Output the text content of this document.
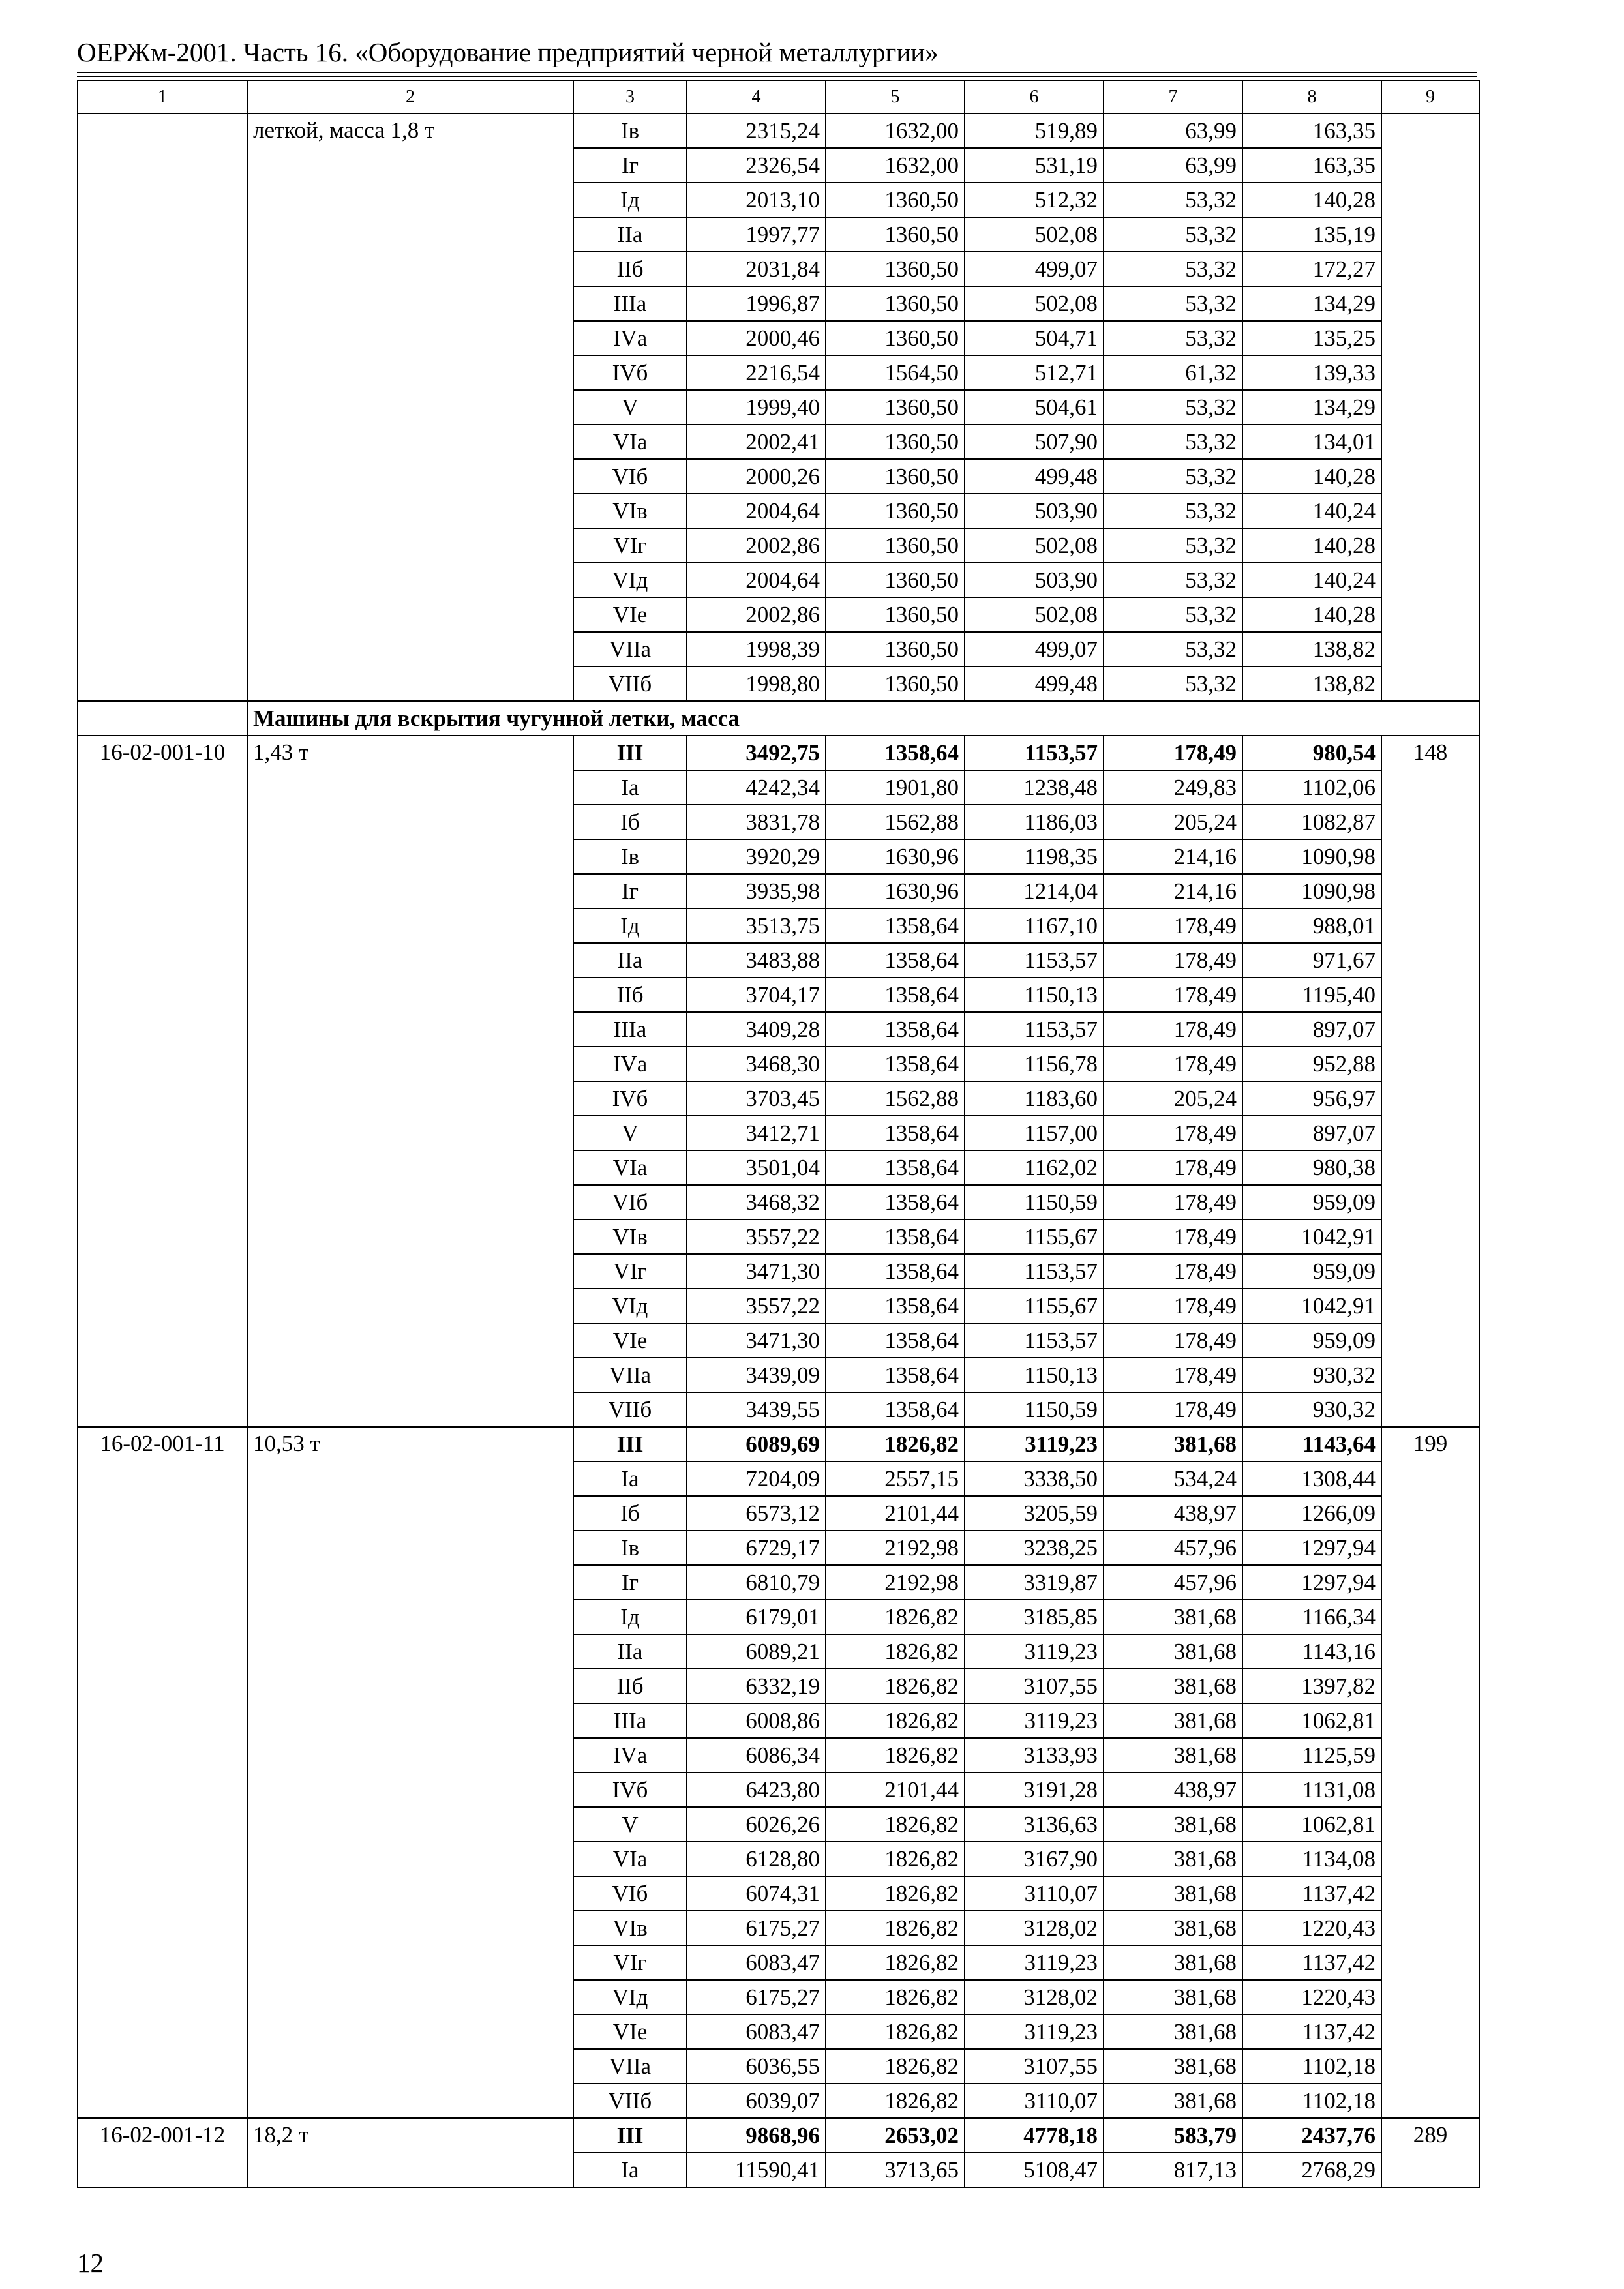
ОЕРЖм-2001. Часть 16. «Оборудование предприятий черной металлургии»
1	2	3	4	5	6	7	8	9
	леткой, масса 1,8 т	Iв	2315,24	1632,00	519,89	63,99	163,35	
		Iг	2326,54	1632,00	531,19	63,99	163,35	
		Iд	2013,10	1360,50	512,32	53,32	140,28	
		IIа	1997,77	1360,50	502,08	53,32	135,19	
		IIб	2031,84	1360,50	499,07	53,32	172,27	
		IIIа	1996,87	1360,50	502,08	53,32	134,29	
		IVа	2000,46	1360,50	504,71	53,32	135,25	
		IVб	2216,54	1564,50	512,71	61,32	139,33	
		V	1999,40	1360,50	504,61	53,32	134,29	
		VIа	2002,41	1360,50	507,90	53,32	134,01	
		VIб	2000,26	1360,50	499,48	53,32	140,28	
		VIв	2004,64	1360,50	503,90	53,32	140,24	
		VIг	2002,86	1360,50	502,08	53,32	140,28	
		VIд	2004,64	1360,50	503,90	53,32	140,24	
		VIе	2002,86	1360,50	502,08	53,32	140,28	
		VIIа	1998,39	1360,50	499,07	53,32	138,82	
		VIIб	1998,80	1360,50	499,48	53,32	138,82	
	Машины для вскрытия чугунной летки, масса							
16-02-001-10	1,43 т	III	3492,75	1358,64	1153,57	178,49	980,54	148
		Iа	4242,34	1901,80	1238,48	249,83	1102,06	
		Iб	3831,78	1562,88	1186,03	205,24	1082,87	
		Iв	3920,29	1630,96	1198,35	214,16	1090,98	
		Iг	3935,98	1630,96	1214,04	214,16	1090,98	
		Iд	3513,75	1358,64	1167,10	178,49	988,01	
		IIа	3483,88	1358,64	1153,57	178,49	971,67	
		IIб	3704,17	1358,64	1150,13	178,49	1195,40	
		IIIа	3409,28	1358,64	1153,57	178,49	897,07	
		IVа	3468,30	1358,64	1156,78	178,49	952,88	
		IVб	3703,45	1562,88	1183,60	205,24	956,97	
		V	3412,71	1358,64	1157,00	178,49	897,07	
		VIа	3501,04	1358,64	1162,02	178,49	980,38	
		VIб	3468,32	1358,64	1150,59	178,49	959,09	
		VIв	3557,22	1358,64	1155,67	178,49	1042,91	
		VIг	3471,30	1358,64	1153,57	178,49	959,09	
		VIд	3557,22	1358,64	1155,67	178,49	1042,91	
		VIе	3471,30	1358,64	1153,57	178,49	959,09	
		VIIа	3439,09	1358,64	1150,13	178,49	930,32	
		VIIб	3439,55	1358,64	1150,59	178,49	930,32	
16-02-001-11	10,53 т	III	6089,69	1826,82	3119,23	381,68	1143,64	199
		Iа	7204,09	2557,15	3338,50	534,24	1308,44	
		Iб	6573,12	2101,44	3205,59	438,97	1266,09	
		Iв	6729,17	2192,98	3238,25	457,96	1297,94	
		Iг	6810,79	2192,98	3319,87	457,96	1297,94	
		Iд	6179,01	1826,82	3185,85	381,68	1166,34	
		IIа	6089,21	1826,82	3119,23	381,68	1143,16	
		IIб	6332,19	1826,82	3107,55	381,68	1397,82	
		IIIа	6008,86	1826,82	3119,23	381,68	1062,81	
		IVа	6086,34	1826,82	3133,93	381,68	1125,59	
		IVб	6423,80	2101,44	3191,28	438,97	1131,08	
		V	6026,26	1826,82	3136,63	381,68	1062,81	
		VIа	6128,80	1826,82	3167,90	381,68	1134,08	
		VIб	6074,31	1826,82	3110,07	381,68	1137,42	
		VIв	6175,27	1826,82	3128,02	381,68	1220,43	
		VIг	6083,47	1826,82	3119,23	381,68	1137,42	
		VIд	6175,27	1826,82	3128,02	381,68	1220,43	
		VIе	6083,47	1826,82	3119,23	381,68	1137,42	
		VIIа	6036,55	1826,82	3107,55	381,68	1102,18	
		VIIб	6039,07	1826,82	3110,07	381,68	1102,18	
16-02-001-12	18,2 т	III	9868,96	2653,02	4778,18	583,79	2437,76	289
		Iа	11590,41	3713,65	5108,47	817,13	2768,29	
12
